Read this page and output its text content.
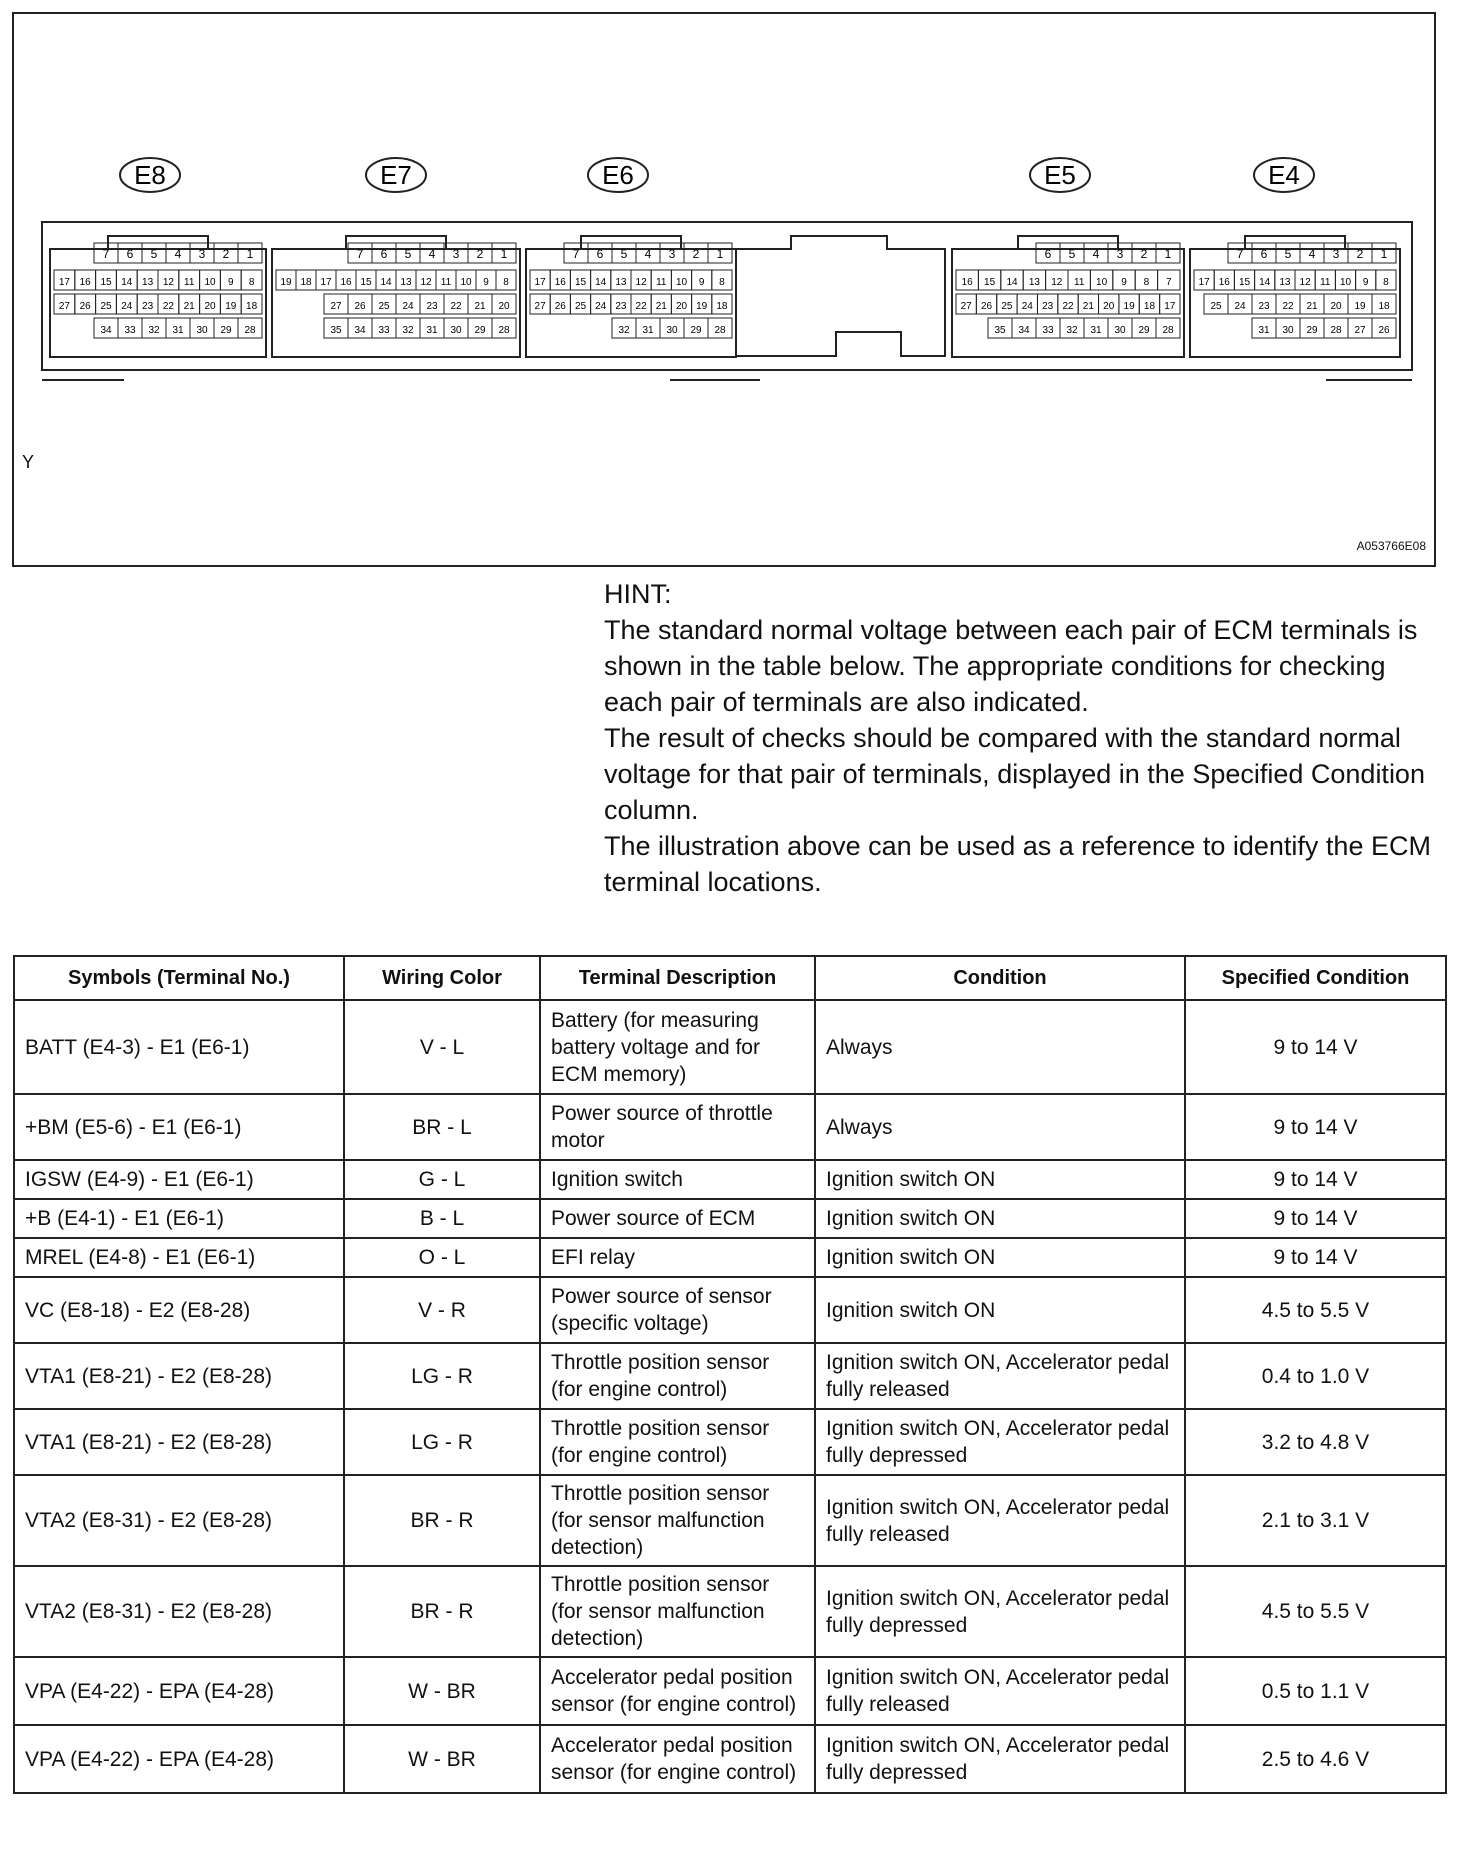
E8
7 6 5 4 3 2 1
17 16 15 14 13 12 11 10 9 8
27 26 25 24 23 22 21 20 19 18
34 33 32 31 30 29 28
E7
7 6 5 4 3 2 1
19 18 17 16 15 14 13 12 11 10 9 8
27 26 25 24 23 22 21 20
35 34 33 32 31 30 29 28
E6
7 6 5 4 3 2 1
17 16 15 14 13 12 11 10 9 8
27 26 25 24 23 22 21 20 19 18
32 31 30 29 28
E5
6 5 4 3 2 1
16 15 14 13 12 11 10 9 8 7
27 26 25 24 23 22 21 20 19 18 17
35 34 33 32 31 30 29 28
E4
7 6 5 4 3 2 1
17 16 15 14 13 12 11 10 9 8
25 24 23 22 21 20 19 18
31 30 29 28 27 26
Y
A053766E08

HINT:

The standard normal voltage between each pair of ECM terminals is shown in the table below. The appropriate conditions for checking each pair of terminals are also indicated.

The result of checks should be compared with the standard normal voltage for that pair of terminals, displayed in the Specified Condition column.

The illustration above can be used as a reference to identify the ECM terminal locations.

Symbols (Terminal No.)	Wiring Color	Terminal Description	Condition	Specified Condition
BATT (E4-3) - E1 (E6-1)	V - L	Battery (for measuring battery voltage and for ECM memory)	Always	9 to 14 V
+BM (E5-6) - E1 (E6-1)	BR - L	Power source of throttle motor	Always	9 to 14 V
IGSW (E4-9) - E1 (E6-1)	G - L	Ignition switch	Ignition switch ON	9 to 14 V
+B (E4-1) - E1 (E6-1)	B - L	Power source of ECM	Ignition switch ON	9 to 14 V
MREL (E4-8) - E1 (E6-1)	O - L	EFI relay	Ignition switch ON	9 to 14 V
VC (E8-18) - E2 (E8-28)	V - R	Power source of sensor (specific voltage)	Ignition switch ON	4.5 to 5.5 V
VTA1 (E8-21) - E2 (E8-28)	LG - R	Throttle position sensor (for engine control)	Ignition switch ON, Accelerator pedal fully released	0.4 to 1.0 V
VTA1 (E8-21) - E2 (E8-28)	LG - R	Throttle position sensor (for engine control)	Ignition switch ON, Accelerator pedal fully depressed	3.2 to 4.8 V
VTA2 (E8-31) - E2 (E8-28)	BR - R	Throttle position sensor (for sensor malfunction detection)	Ignition switch ON, Accelerator pedal fully released	2.1 to 3.1 V
VTA2 (E8-31) - E2 (E8-28)	BR - R	Throttle position sensor (for sensor malfunction detection)	Ignition switch ON, Accelerator pedal fully depressed	4.5 to 5.5 V
VPA (E4-22) - EPA (E4-28)	W - BR	Accelerator pedal position sensor (for engine control)	Ignition switch ON, Accelerator pedal fully released	0.5 to 1.1 V
VPA (E4-22) - EPA (E4-28)	W - BR	Accelerator pedal position sensor (for engine control)	Ignition switch ON, Accelerator pedal fully depressed	2.5 to 4.6 V
